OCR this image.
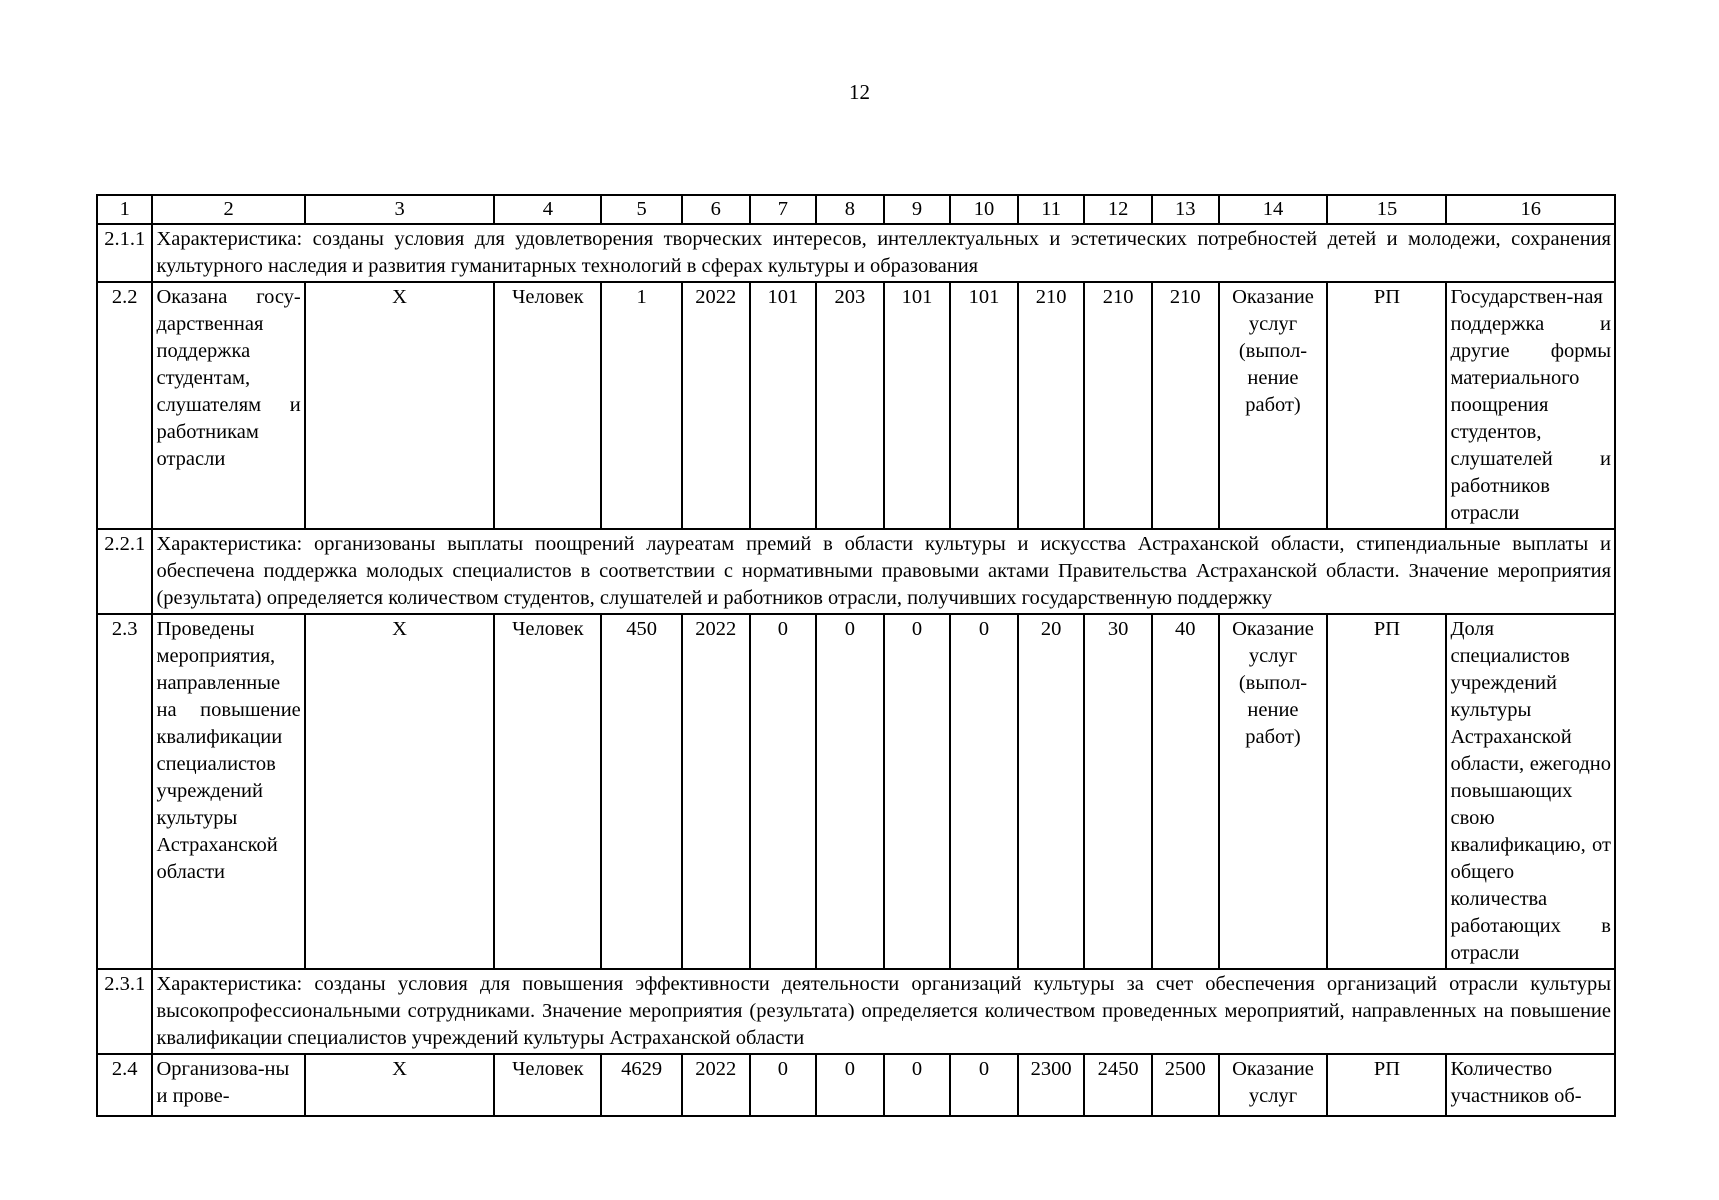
12
1	2	3	4	5	6	7	8	9	10	11	12	13	14	15	16
2.1.1	Характеристика: созданы условия для удовлетворения творческих интересов, интеллектуальных и эстетических потребностей детей и молодежи, сохранения культурного наследия и развития гуманитарных технологий в сферах культуры и образования														
2.2	Оказана госу-дарственная поддержка студентам, слушателям и работникам отрасли	X	Человек	1	2022	101	203	101	101	210	210	210	Оказание услуг (выпол-нение работ)	РП	Государствен-ная поддержка и другие формы материального поощрения студентов, слушателей и работников отрасли
2.2.1	Характеристика: организованы выплаты поощрений лауреатам премий в области культуры и искусства Астраханской области, стипендиальные выплаты и обеспечена поддержка молодых специалистов в соответствии с нормативными правовыми актами Правительства Астраханской области. Значение мероприятия (результата) определяется количеством студентов, слушателей и работников отрасли, получивших государственную поддержку														
2.3	Проведены мероприятия, направленные на повышение квалификации специалистов учреждений культуры Астраханской области	X	Человек	450	2022	0	0	0	0	20	30	40	Оказание услуг (выпол-нение работ)	РП	Доля специалистов учреждений культуры Астраханской области, ежегодно повышающих свою квалификацию, от общего количества работающих в отрасли
2.3.1	Характеристика: созданы условия для повышения эффективности деятельности организаций культуры за счет обеспечения организаций отрасли культуры высокопрофессиональными сотрудниками. Значение мероприятия (результата) определяется количеством проведенных мероприятий, направленных на повышение квалификации специалистов учреждений культуры Астраханской области														
2.4	Организова-ны и прове-	X	Человек	4629	2022	0	0	0	0	2300	2450	2500	Оказание услуг	РП	Количество участников об-
